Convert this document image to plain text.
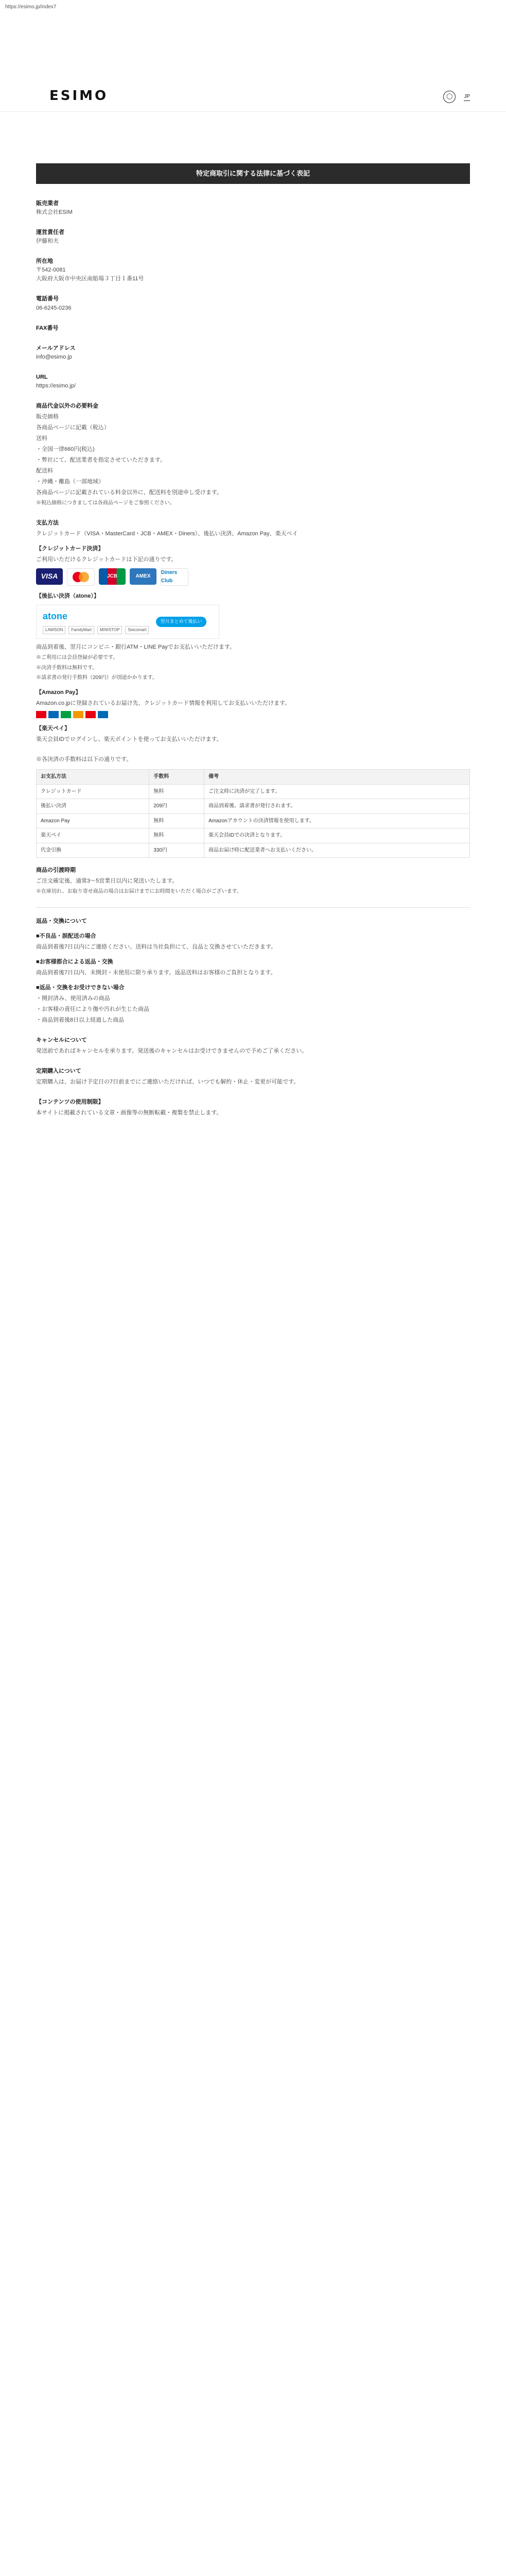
https://esimo.jp/index7
ESIMO	◯	JP
特定商取引に関する法律に基づく表記
販売業者
株式会社ESIM
運営責任者
伊藤和夫
所在地
〒542-0081
大阪府大阪市中央区南船場３丁目１番11号
電話番号
06-6245-0236
FAX番号
メールアドレス
info@esimo.jp
URL
https://esimo.jp/
商品代金以外の必要料金

販売価格

各商品ページに記載（税込）

送料

・全国一律660円(税込)

・弊社にて、配送業者を指定させていただきます。

配送料

・沖縄・離島（一部地域）

各商品ページに記載されている料金以外に、配送料を別途申し受けます。

※税込価格につきましては各商品ページをご参照ください。

支払方法

クレジットカード（VISA・MasterCard・JCB・AMEX・Diners）、後払い決済、Amazon Pay、楽天ペイ

【クレジットカード決済】

ご利用いただけるクレジットカードは下記の通りです。

VISA	JCB	AMEX
Diners Club
【後払い決済（atone）】
atone
LAWSON	FamilyMart	MINISTOP	Seicomart
翌月まとめて後払い

商品到着後、翌月にコンビニ・銀行ATM・LINE Payでお支払いいただけます。

※ご利用には会員登録が必要です。

※決済手数料は無料です。

※請求書の発行手数料（209円）が別途かかります。

【Amazon Pay】

Amazon.co.jpに登録されているお届け先、クレジットカード情報を利用してお支払いいただけます。

【楽天ペイ】

楽天会員IDでログインし、楽天ポイントを使ってお支払いいただけます。

※各決済の手数料は以下の通りです。

お支払方法	手数料	備考
クレジットカード	無料	ご注文時に決済が完了します。
後払い決済	209円	商品到着後、請求書が発行されます。
Amazon Pay	無料	Amazonアカウントの決済情報を使用します。
楽天ペイ	無料	楽天会員IDでの決済となります。
代金引換	330円	商品お届け時に配送業者へお支払いください。
商品の引渡時期

ご注文確定後、通常3～5営業日以内に発送いたします。

※在庫切れ、お取り寄せ商品の場合はお届けまでにお時間をいただく場合がございます。

返品・交換について
■不良品・誤配送の場合

商品到着後7日以内にご連絡ください。送料は当社負担にて、良品と交換させていただきます。

■お客様都合による返品・交換

商品到着後7日以内、未開封・未使用に限り承ります。返品送料はお客様のご負担となります。

■返品・交換をお受けできない場合

・開封済み、使用済みの商品

・お客様の責任により傷や汚れが生じた商品

・商品到着後8日以上経過した商品

キャンセルについて

発送前であればキャンセルを承ります。発送後のキャンセルはお受けできませんので予めご了承ください。

定期購入について

定期購入は、お届け予定日の7日前までにご連絡いただければ、いつでも解約・休止・変更が可能です。

【コンテンツの使用制限】

本サイトに掲載されている文章・画像等の無断転載・複製を禁止します。
